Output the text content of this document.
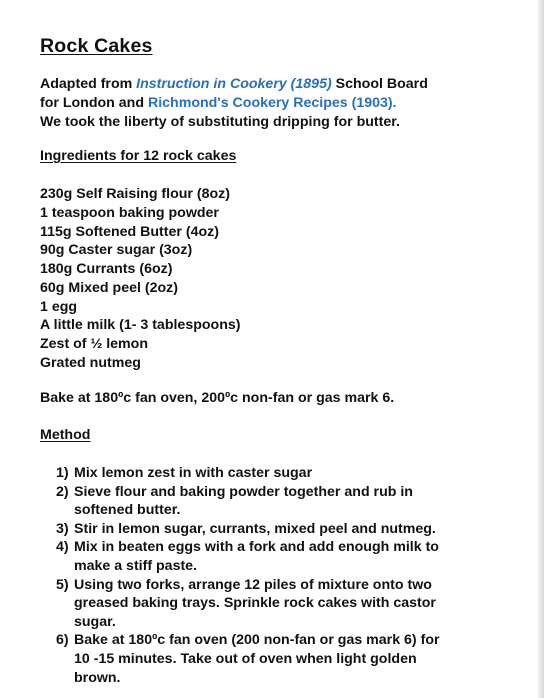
Rock Cakes
Adapted from Instruction in Cookery (1895) School Board
for London and Richmond's Cookery Recipes (1903).
We took the liberty of substituting dripping for butter.
Ingredients for 12 rock cakes
230g Self Raising flour (8oz)
1 teaspoon baking powder
115g Softened Butter (4oz)
90g Caster sugar (3oz)
180g Currants (6oz)
60g Mixed peel (2oz)
1 egg
A little milk (1- 3 tablespoons)
Zest of ½ lemon
Grated nutmeg
Bake at 180ºc fan oven, 200ºc non-fan or gas mark 6.
Method
1) Mix lemon zest in with caster sugar
2) Sieve flour and baking powder together and rub in
softened butter.
3) Stir in lemon sugar, currants, mixed peel and nutmeg.
4) Mix in beaten eggs with a fork and add enough milk to
make a stiff paste.
5) Using two forks, arrange 12 piles of mixture onto two
greased baking trays. Sprinkle rock cakes with castor
sugar.
6) Bake at 180ºc fan oven (200 non-fan or gas mark 6) for
10 -15 minutes. Take out of oven when light golden
brown.
